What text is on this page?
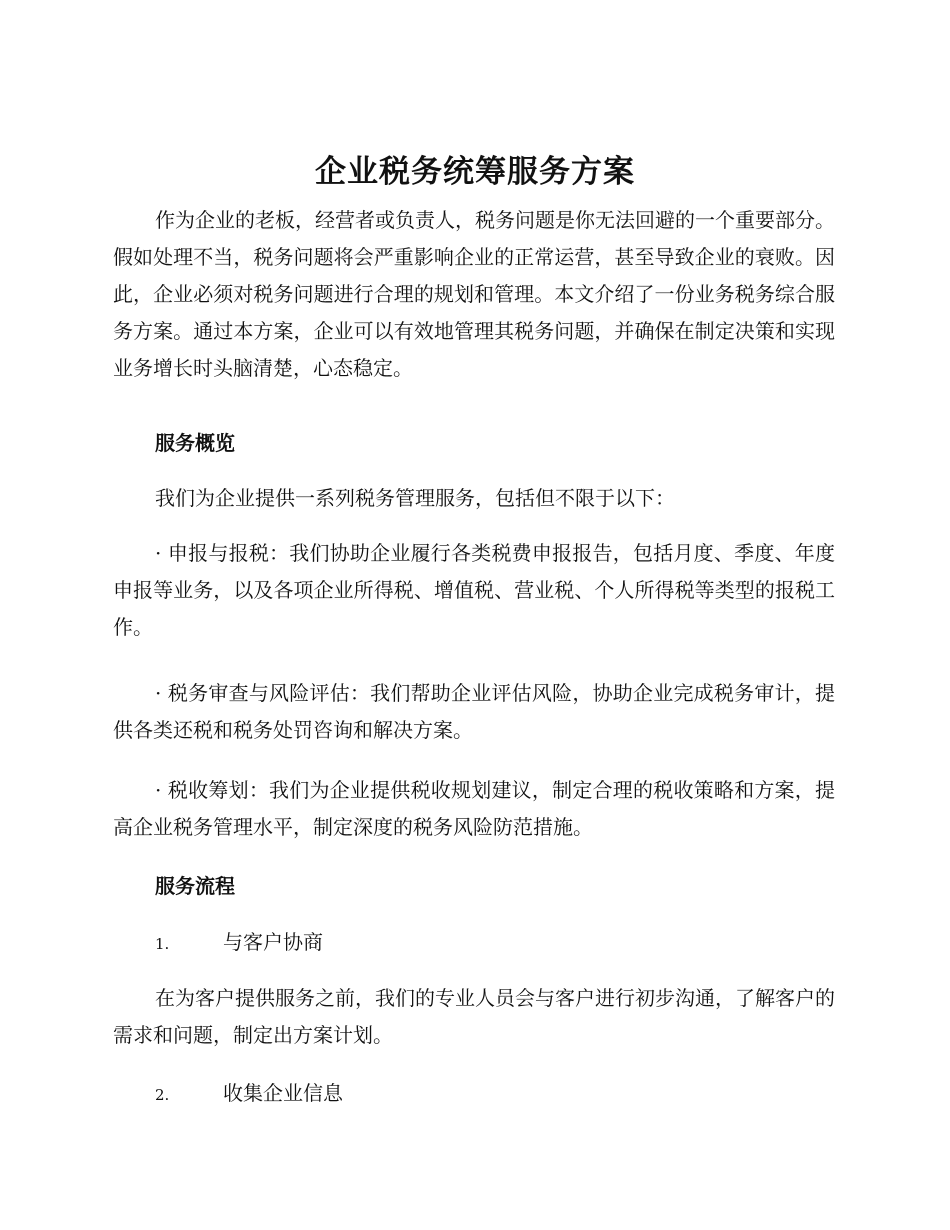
企业税务统筹服务方案

作为企业的老板，经营者或负责人，税务问题是你无法回避的一个重要部分。假如处理不当，税务问题将会严重影响企业的正常运营，甚至导致企业的衰败。因此，企业必须对税务问题进行合理的规划和管理。本文介绍了一份业务税务综合服务方案。通过本方案，企业可以有效地管理其税务问题，并确保在制定决策和实现业务增长时头脑清楚，心态稳定。

服务概览

我们为企业提供一系列税务管理服务，包括但不限于以下：

· 申报与报税：我们协助企业履行各类税费申报报告，包括月度、季度、年度申报等业务，以及各项企业所得税、增值税、营业税、个人所得税等类型的报税工作。

· 税务审查与风险评估：我们帮助企业评估风险，协助企业完成税务审计，提供各类还税和税务处罚咨询和解决方案。

· 税收筹划：我们为企业提供税收规划建议，制定合理的税收策略和方案，提高企业税务管理水平，制定深度的税务风险防范措施。

服务流程
1.	与客户协商

在为客户提供服务之前，我们的专业人员会与客户进行初步沟通，了解客户的需求和问题，制定出方案计划。

2.	收集企业信息
